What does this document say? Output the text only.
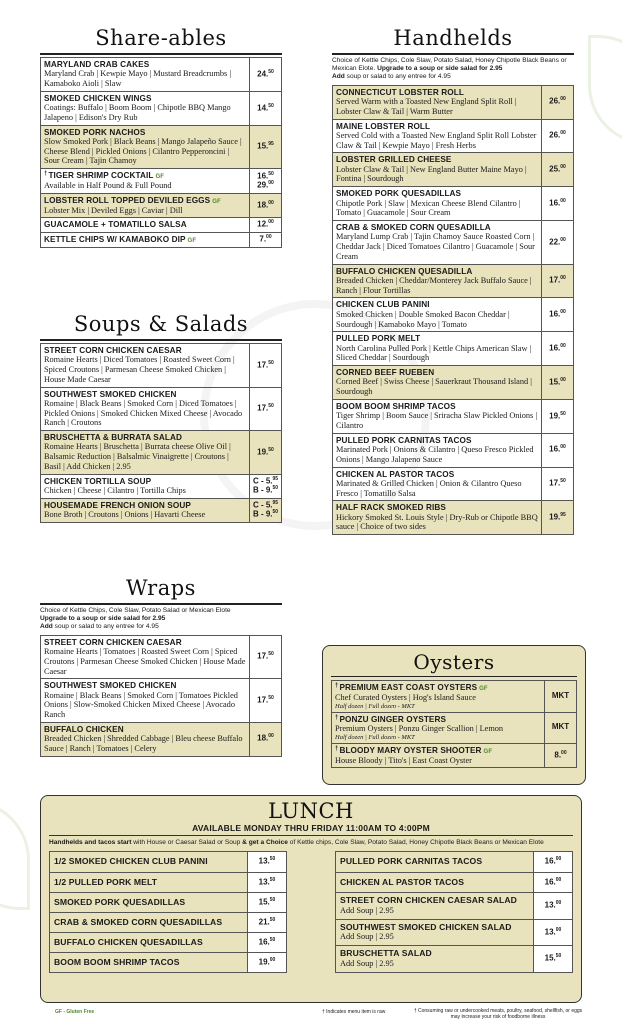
Share-ables
MARYLAND CRAB CAKES
Maryland Crab | Kewpie Mayo | Mustard Breadcrumbs | Kamaboko Aioli | Slaw
24.50
SMOKED CHICKEN WINGS
Coatings: Buffalo | Boom Boom | Chipotle BBQ Mango Jalapeno | Edison's Dry Rub
14.50
SMOKED PORK NACHOS
Slow Smoked Pork | Black Beans | Mango Jalapeño Sauce | Cheese Blend | Pickled Onions | Cilantro Pepperoncini | Sour Cream | Tajin Chamoy
15.95
†TIGER SHRIMP COCKTAIL GF
Available in Half Pound & Full Pound
16.50
29.00
LOBSTER ROLL TOPPED DEVILED EGGS GF
Lobster Mix | Deviled Eggs | Caviar | Dill
18.00
GUACAMOLE + TOMATILLO SALSA	12.00
KETTLE CHIPS W/ KAMABOKO DIP GF	7.00
Soups & Salads
STREET CORN CHICKEN CAESAR
Romaine Hearts | Diced Tomatoes | Roasted Sweet Corn | Spiced Croutons | Parmesan Cheese Smoked Chicken | House Made Caesar
17.50
SOUTHWEST SMOKED CHICKEN
Romaine | Black Beans | Smoked Corn | Diced Tomatoes | Pickled Onions | Smoked Chicken Mixed Cheese | Avocado Ranch | Croutons
17.50
BRUSCHETTA & BURRATA SALAD
Romaine Hearts | Bruschetta | Burrata cheese Olive Oil | Balsamic Reduction | Balsalmic Vinaigrette | Croutons | Basil | Add Chicken | 2.95
19.50
CHICKEN TORTILLA SOUP
Chicken | Cheese | Cilantro | Tortilla Chips
C - 5.95
B - 9.50
HOUSEMADE FRENCH ONION SOUP
Bone Broth | Croutons | Onions | Havarti Cheese
C - 5.95
B - 9.50
Wraps
Choice of Kettle Chips, Cole Slaw, Potato Salad or Mexican Elote
Upgrade to a soup or side salad for 2.95
Add soup or salad to any entree for 4.95
STREET CORN CHICKEN CAESAR
Romaine Hearts | Tomatoes | Roasted Sweet Corn | Spiced Croutons | Parmesan Cheese Smoked Chicken | House Made Caesar
17.50
SOUTHWEST SMOKED CHICKEN
Romaine | Black Beans | Smoked Corn | Tomatoes Pickled Onions | Slow-Smoked Chicken Mixed Cheese | Avocado Ranch
17.50
BUFFALO CHICKEN
Breaded Chicken | Shredded Cabbage | Bleu cheese Buffalo Sauce | Ranch | Tomatoes | Celery
18.00
Handhelds
Choice of Kettle Chips, Cole Slaw, Potato Salad, Honey Chipotle Black Beans or Mexican Elote. Upgrade to a soup or side salad for 2.95
Add soup or salad to any entree for 4.95
CONNECTICUT LOBSTER ROLL
Served Warm with a Toasted New England Split Roll | Lobster Claw & Tail | Warm Butter
26.00
MAINE LOBSTER ROLL
Served Cold with a Toasted New England Split Roll Lobster Claw & Tail | Kewpie Mayo | Fresh Herbs
26.00
LOBSTER GRILLED CHEESE
Lobster Claw & Tail | New England Butter Maine Mayo | Fontina | Sourdough
25.00
SMOKED PORK QUESADILLAS
Chipotle Pork | Slaw | Mexican Cheese Blend Cilantro | Tomato | Guacamole | Sour Cream
16.00
CRAB & SMOKED CORN QUESADILLA
Maryland Lump Crab | Tajin Chamoy Sauce Roasted Corn | Cheddar Jack | Diced Tomatoes Cilantro | Guacamole | Sour Cream
22.00
BUFFALO CHICKEN QUESADILLA
Breaded Chicken | Cheddar/Monterey Jack Buffalo Sauce | Ranch | Flour Tortillas
17.00
CHICKEN CLUB PANINI
Smoked Chicken | Double Smoked Bacon Cheddar | Sourdough | Kamaboko Mayo | Tomato
16.00
PULLED PORK MELT
North Carolina Pulled Pork | Kettle Chips American Slaw | Sliced Cheddar | Sourdough
16.00
CORNED BEEF RUEBEN
Corned Beef | Swiss Cheese | Sauerkraut Thousand Island | Sourdough
15.00
BOOM BOOM SHRIMP TACOS
Tiger Shrimp | Boom Sauce | Sriracha Slaw Pickled Onions | Cilantro
19.50
PULLED PORK CARNITAS TACOS
Marinated Pork | Onions & Cilantro | Queso Fresco Pickled Onions | Mango Jalapeno Sauce
16.00
CHICKEN AL PASTOR TACOS
Marinated & Grilled Chicken | Onion & Cilantro Queso Fresco | Tomatillo Salsa
17.50
HALF RACK SMOKED RIBS
Hickory Smoked St. Louis Style | Dry-Rub or Chipotle BBQ sauce | Choice of two sides
19.95
Oysters
†PREMIUM EAST COAST OYSTERS GF
Chef Curated Oysters | Hog's Island Sauce
Half dozen | Full dozen - MKT
MKT
†PONZU GINGER OYSTERS
Premium Oysters | Ponzu Ginger Scallion | Lemon
Half dozen | Full dozen - MKT
MKT
†BLOODY MARY OYSTER SHOOTER GF
House Bloody | Tito's | East Coast Oyster
8.00
LUNCH
AVAILABLE MONDAY THRU FRIDAY 11:00AM TO 4:00PM
Handhelds and tacos start with House or Caesar Salad or Soup & get a Choice of Kettle chips, Cole Slaw, Potato Salad, Honey Chipotle Black Beans or Mexican Elote
1/2 SMOKED CHICKEN CLUB PANINI	13.50
1/2 PULLED PORK MELT	13.50
SMOKED PORK QUESADILLAS	15.50
CRAB & SMOKED CORN QUESADILLAS	21.50
BUFFALO CHICKEN QUESADILLAS	16.50
BOOM BOOM SHRIMP TACOS	19.00
PULLED PORK CARNITAS TACOS	16.00
CHICKEN AL PASTOR TACOS	16.00
STREET CORN CHICKEN CAESAR SALAD
Add Soup | 2.95
13.00
SOUTHWEST SMOKED CHICKEN SALAD
Add Soup | 2.95
13.00
BRUSCHETTA SALAD
Add Soup | 2.95
15.50
GF - Gluten Free	† Indicates menu item is raw	† Consuming raw or undercooked meats, poultry, seafood, shellfish, or eggs may increase your risk of foodborne illness
